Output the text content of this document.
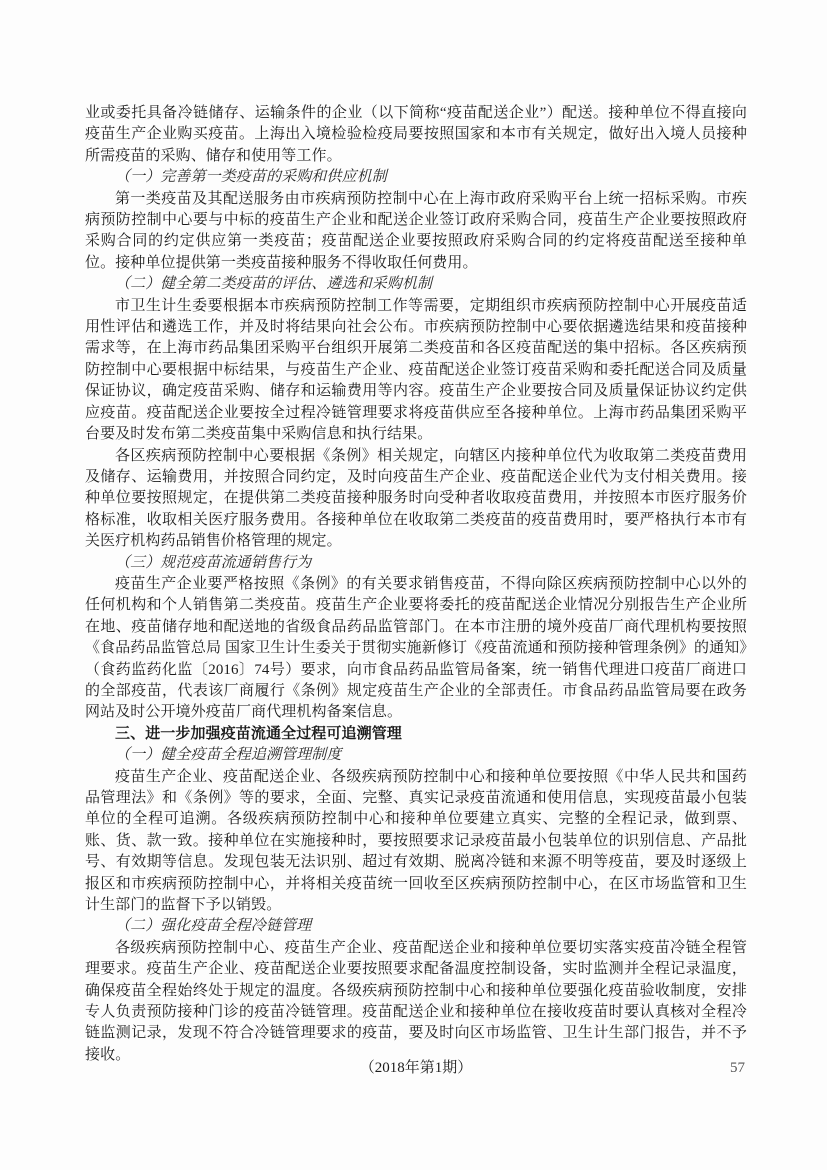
业或委托具备冷链储存、运输条件的企业（以下简称“疫苗配送企业”）配送。接种单位不得直接向疫苗生产企业购买疫苗。上海出入境检验检疫局要按照国家和本市有关规定，做好出入境人员接种所需疫苗的采购、储存和使用等工作。

（一）完善第一类疫苗的采购和供应机制

第一类疫苗及其配送服务由市疾病预防控制中心在上海市政府采购平台上统一招标采购。市疾病预防控制中心要与中标的疫苗生产企业和配送企业签订政府采购合同，疫苗生产企业要按照政府采购合同的约定供应第一类疫苗；疫苗配送企业要按照政府采购合同的约定将疫苗配送至接种单位。接种单位提供第一类疫苗接种服务不得收取任何费用。

（二）健全第二类疫苗的评估、遴选和采购机制

市卫生计生委要根据本市疾病预防控制工作等需要，定期组织市疾病预防控制中心开展疫苗适用性评估和遴选工作，并及时将结果向社会公布。市疾病预防控制中心要依据遴选结果和疫苗接种需求等，在上海市药品集团采购平台组织开展第二类疫苗和各区疫苗配送的集中招标。各区疾病预防控制中心要根据中标结果，与疫苗生产企业、疫苗配送企业签订疫苗采购和委托配送合同及质量保证协议，确定疫苗采购、储存和运输费用等内容。疫苗生产企业要按合同及质量保证协议约定供应疫苗。疫苗配送企业要按全过程冷链管理要求将疫苗供应至各接种单位。上海市药品集团采购平台要及时发布第二类疫苗集中采购信息和执行结果。

各区疾病预防控制中心要根据《条例》相关规定，向辖区内接种单位代为收取第二类疫苗费用及储存、运输费用，并按照合同约定，及时向疫苗生产企业、疫苗配送企业代为支付相关费用。接种单位要按照规定，在提供第二类疫苗接种服务时向受种者收取疫苗费用，并按照本市医疗服务价格标准，收取相关医疗服务费用。各接种单位在收取第二类疫苗的疫苗费用时，要严格执行本市有关医疗机构药品销售价格管理的规定。

（三）规范疫苗流通销售行为

疫苗生产企业要严格按照《条例》的有关要求销售疫苗，不得向除区疾病预防控制中心以外的任何机构和个人销售第二类疫苗。疫苗生产企业要将委托的疫苗配送企业情况分别报告生产企业所在地、疫苗储存地和配送地的省级食品药品监管部门。在本市注册的境外疫苗厂商代理机构要按照《食品药品监管总局 国家卫生计生委关于贯彻实施新修订《疫苗流通和预防接种管理条例》的通知》（食药监药化监〔2016〕74号）要求，向市食品药品监管局备案，统一销售代理进口疫苗厂商进口的全部疫苗，代表该厂商履行《条例》规定疫苗生产企业的全部责任。市食品药品监管局要在政务网站及时公开境外疫苗厂商代理机构备案信息。

三、进一步加强疫苗流通全过程可追溯管理

（一）健全疫苗全程追溯管理制度

疫苗生产企业、疫苗配送企业、各级疾病预防控制中心和接种单位要按照《中华人民共和国药品管理法》和《条例》等的要求，全面、完整、真实记录疫苗流通和使用信息，实现疫苗最小包装单位的全程可追溯。各级疾病预防控制中心和接种单位要建立真实、完整的全程记录，做到票、账、货、款一致。接种单位在实施接种时，要按照要求记录疫苗最小包装单位的识别信息、产品批号、有效期等信息。发现包装无法识别、超过有效期、脱离冷链和来源不明等疫苗，要及时逐级上报区和市疾病预防控制中心，并将相关疫苗统一回收至区疾病预防控制中心，在区市场监管和卫生计生部门的监督下予以销毁。

（二）强化疫苗全程冷链管理

各级疾病预防控制中心、疫苗生产企业、疫苗配送企业和接种单位要切实落实疫苗冷链全程管理要求。疫苗生产企业、疫苗配送企业要按照要求配备温度控制设备，实时监测并全程记录温度，确保疫苗全程始终处于规定的温度。各级疾病预防控制中心和接种单位要强化疫苗验收制度，安排专人负责预防接种门诊的疫苗冷链管理。疫苗配送企业和接种单位在接收疫苗时要认真核对全程冷链监测记录，发现不符合冷链管理要求的疫苗，要及时向区市场监管、卫生计生部门报告，并不予接收。

（2018年第1期）	57
